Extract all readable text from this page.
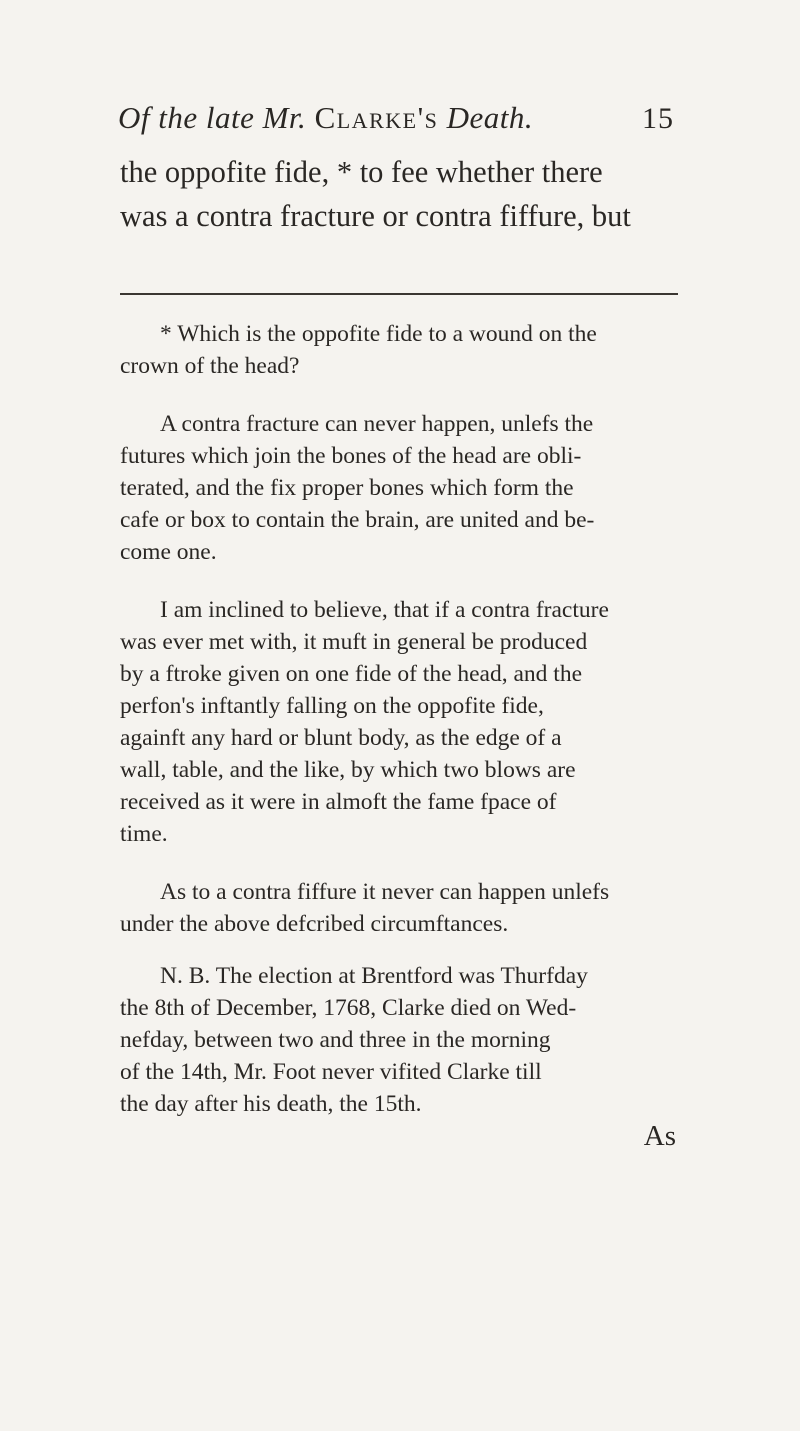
Of the late Mr. Clarke's Death.	15
the oppofite fide, * to fee whether there
was a contra fracture or contra fiffure, but
* Which is the oppofite fide to a wound on the
crown of the head?
A contra fracture can never happen, unlefs the
futures which join the bones of the head are obli-
terated, and the fix proper bones which form the
cafe or box to contain the brain, are united and be-
come one.
I am inclined to believe, that if a contra fracture
was ever met with, it muft in general be produced
by a ftroke given on one fide of the head, and the
perfon's inftantly falling on the oppofite fide,
againft any hard or blunt body, as the edge of a
wall, table, and the like, by which two blows are
received as it were in almoft the fame fpace of
time.
As to a contra fiffure it never can happen unlefs
under the above defcribed circumftances.
N. B. The election at Brentford was Thurfday
the 8th of December, 1768, Clarke died on Wed-
nefday, between two and three in the morning
of the 14th, Mr. Foot never vifited Clarke till
the day after his death, the 15th.
As
